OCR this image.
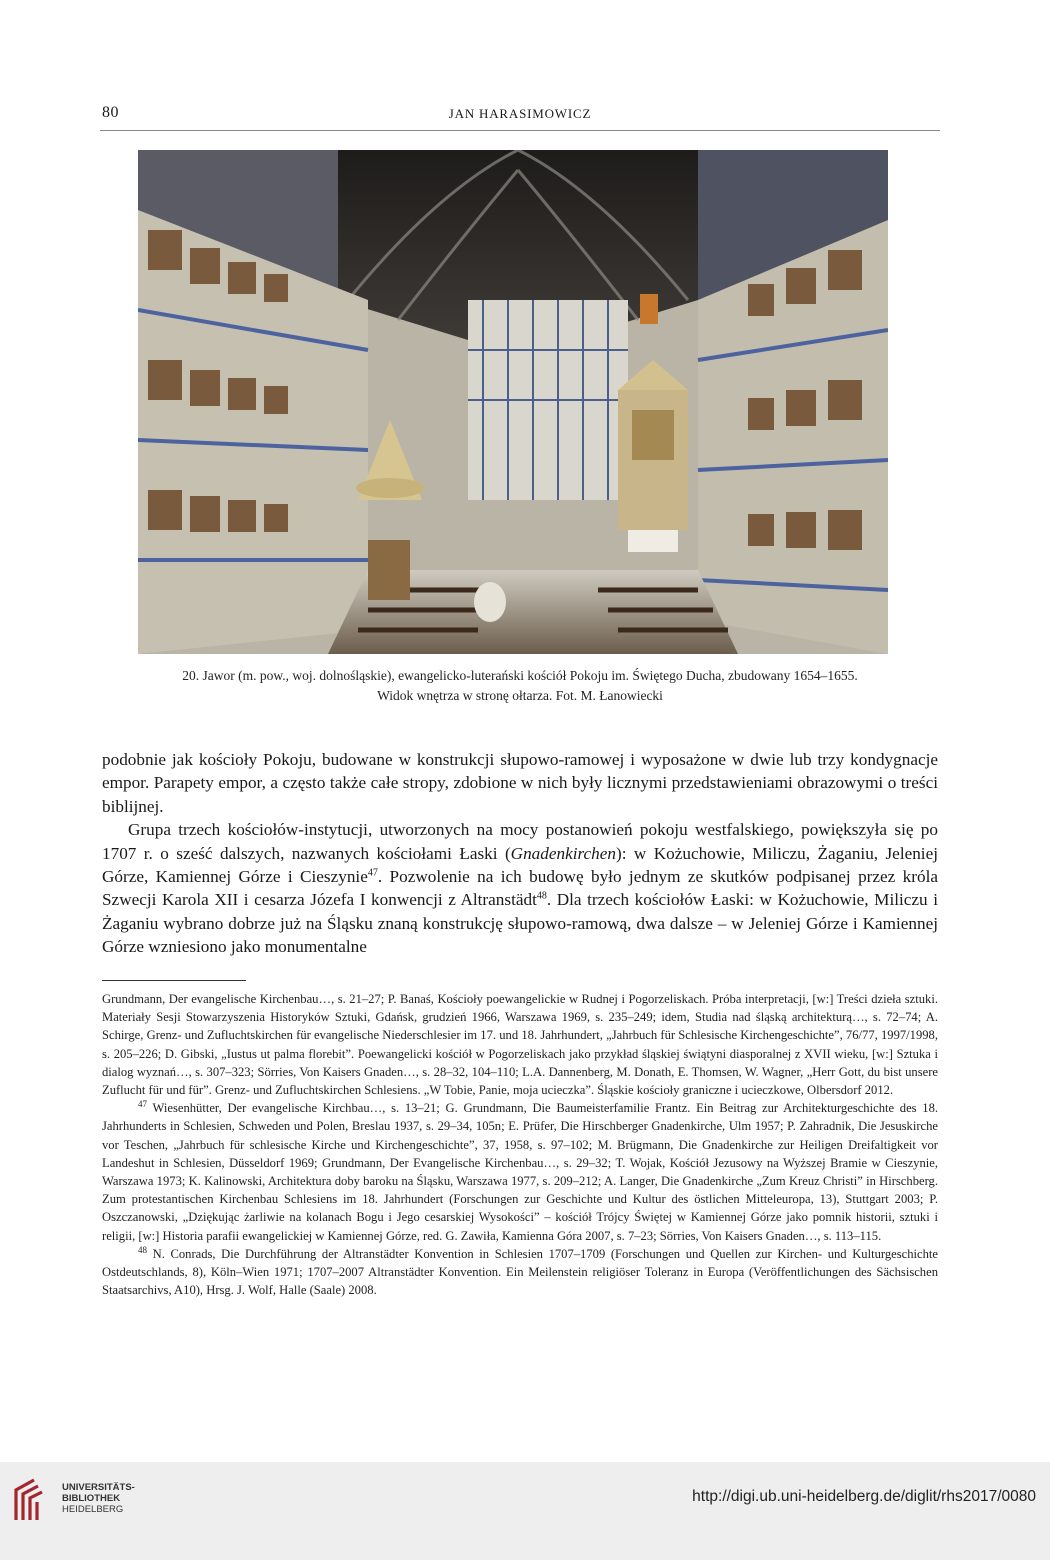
80	JAN HARASIMOWICZ
20. Jawor (m. pow., woj. dolnośląskie), ewangelicko-luterański kościół Pokoju im. Świętego Ducha, zbudowany 1654–1655.
Widok wnętrza w stronę ołtarza. Fot. M. Łanowiecki

podobnie jak kościoły Pokoju, budowane w konstrukcji słupowo-ramowej i wyposażone w dwie lub trzy kondygnacje empor. Parapety empor, a często także całe stropy, zdobione w nich były licznymi przedstawieniami obrazowymi o treści biblijnej.

Grupa trzech kościołów-instytucji, utworzonych na mocy postanowień pokoju westfalskiego, powiększyła się po 1707 r. o sześć dalszych, nazwanych kościołami Łaski (Gnadenkirchen): w Kożuchowie, Miliczu, Żaganiu, Jeleniej Górze, Kamiennej Górze i Cieszynie$^{47}$. Pozwolenie na ich budowę było jednym ze skutków podpisanej przez króla Szwecji Karola XII i cesarza Józefa I konwencji z Altranstädt$^{48}$. Dla trzech kościołów Łaski: w Kożuchowie, Miliczu i Żaganiu wybrano dobrze już na Śląsku znaną konstrukcję słupowo-ramową, dwa dalsze – w Jeleniej Górze i Kamiennej Górze wzniesiono jako monumentalne

Grundmann, Der evangelische Kirchenbau…, s. 21–27; P. Banaś, Kościoły poewangelickie w Rudnej i Pogorzeliskach. Próba interpretacji, [w:] Treści dzieła sztuki. Materiały Sesji Stowarzyszenia Historyków Sztuki, Gdańsk, grudzień 1966, Warszawa 1969, s. 235–249; idem, Studia nad śląską architekturą…, s. 72–74; A. Schirge, Grenz- und Zufluchtskirchen für evangelische Niederschlesier im 17. und 18. Jahrhundert, „Jahrbuch für Schlesische Kirchengeschichte”, 76/77, 1997/1998, s. 205–226; D. Gibski, „Iustus ut palma florebit”. Poewangelicki kościół w Pogorzeliskach jako przykład śląskiej świątyni diasporalnej z XVII wieku, [w:] Sztuka i dialog wyznań…, s. 307–323; Sörries, Von Kaisers Gnaden…, s. 28–32, 104–110; L.A. Dannenberg, M. Donath, E. Thomsen, W. Wagner, „Herr Gott, du bist unsere Zuflucht für und für”. Grenz- und Zufluchtskirchen Schlesiens. „W Tobie, Panie, moja ucieczka”. Śląskie kościoły graniczne i ucieczkowe, Olbersdorf 2012.

$^{47}$ Wiesenhütter, Der evangelische Kirchbau…, s. 13–21; G. Grundmann, Die Baumeisterfamilie Frantz. Ein Beitrag zur Architekturgeschichte des 18. Jahrhunderts in Schlesien, Schweden und Polen, Breslau 1937, s. 29–34, 105n; E. Prüfer, Die Hirschberger Gnadenkirche, Ulm 1957; P. Zahradnik, Die Jesuskirche vor Teschen, „Jahrbuch für schlesische Kirche und Kirchengeschichte”, 37, 1958, s. 97–102; M. Brügmann, Die Gnadenkirche zur Heiligen Dreifaltigkeit vor Landeshut in Schlesien, Düsseldorf 1969; Grundmann, Der Evangelische Kirchenbau…, s. 29–32; T. Wojak, Kościół Jezusowy na Wyższej Bramie w Cieszynie, Warszawa 1973; K. Kalinowski, Architektura doby baroku na Śląsku, Warszawa 1977, s. 209–212; A. Langer, Die Gnadenkirche „Zum Kreuz Christi” in Hirschberg. Zum protestantischen Kirchenbau Schlesiens im 18. Jahrhundert (Forschungen zur Geschichte und Kultur des östlichen Mitteleuropa, 13), Stuttgart 2003; P. Oszczanowski, „Dziękując żarliwie na kolanach Bogu i Jego cesarskiej Wysokości” – kościół Trójcy Świętej w Kamiennej Górze jako pomnik historii, sztuki i religii, [w:] Historia parafii ewangelickiej w Kamiennej Górze, red. G. Zawiła, Kamienna Góra 2007, s. 7–23; Sörries, Von Kaisers Gnaden…, s. 113–115.

$^{48}$ N. Conrads, Die Durchführung der Altranstädter Konvention in Schlesien 1707–1709 (Forschungen und Quellen zur Kirchen- und Kulturgeschichte Ostdeutschlands, 8), Köln–Wien 1971; 1707–2007 Altranstädter Konvention. Ein Meilenstein religiöser Toleranz in Europa (Veröffentlichungen des Sächsischen Staatsarchivs, A10), Hrsg. J. Wolf, Halle (Saale) 2008.

UNIVERSITÄTS-
BIBLIOTHEK
HEIDELBERG
http://digi.ub.uni-heidelberg.de/diglit/rhs2017/0080
